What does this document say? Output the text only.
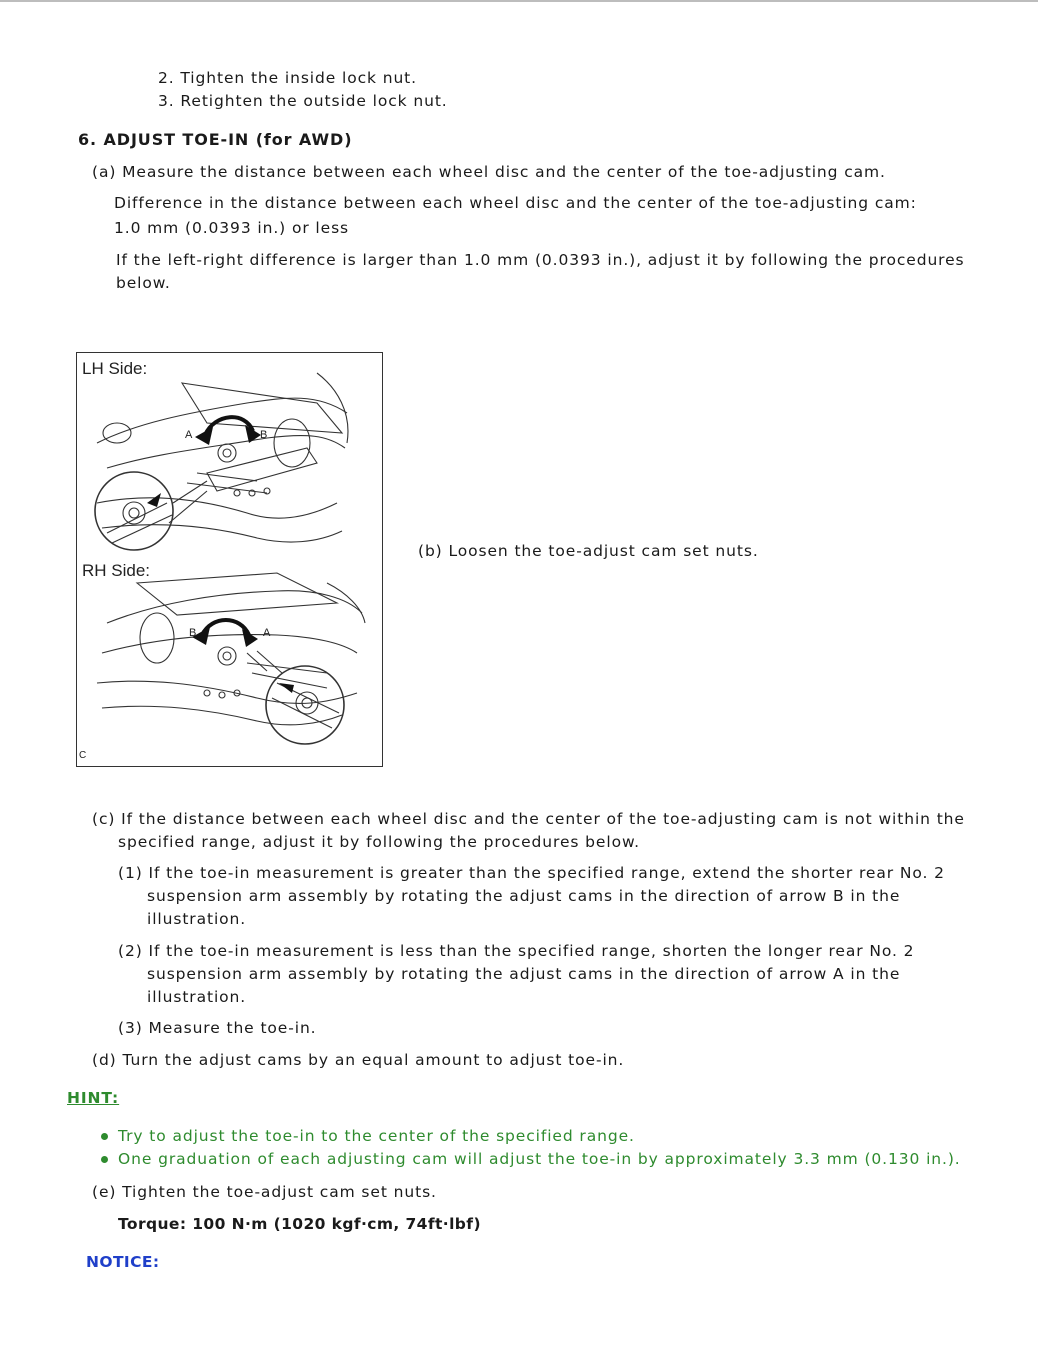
2. Tighten the inside lock nut.
3. Retighten the outside lock nut.
6. ADJUST TOE-IN (for AWD)
(a) Measure the distance between each wheel disc and the center of the toe-adjusting cam.
Difference in the distance between each wheel disc and the center of the toe-adjusting cam:
1.0 mm (0.0393 in.) or less
If the left-right difference is larger than 1.0 mm (0.0393 in.), adjust it by following the procedures
below.
LH Side:
RH Side:
A	B
B	A
C
(b) Loosen the toe-adjust cam set nuts.
(c) If the distance between each wheel disc and the center of the toe-adjusting cam is not within the
specified range, adjust it by following the procedures below.
(1) If the toe-in measurement is greater than the specified range, extend the shorter rear No. 2
suspension arm assembly by rotating the adjust cams in the direction of arrow B in the
illustration.
(2) If the toe-in measurement is less than the specified range, shorten the longer rear No. 2
suspension arm assembly by rotating the adjust cams in the direction of arrow A in the
illustration.
(3) Measure the toe-in.
(d) Turn the adjust cams by an equal amount to adjust toe-in.
HINT:
Try to adjust the toe-in to the center of the specified range.
One graduation of each adjusting cam will adjust the toe-in by approximately 3.3 mm (0.130 in.).
(e) Tighten the toe-adjust cam set nuts.
Torque: 100 N·m (1020 kgf·cm, 74ft·lbf)
NOTICE:
